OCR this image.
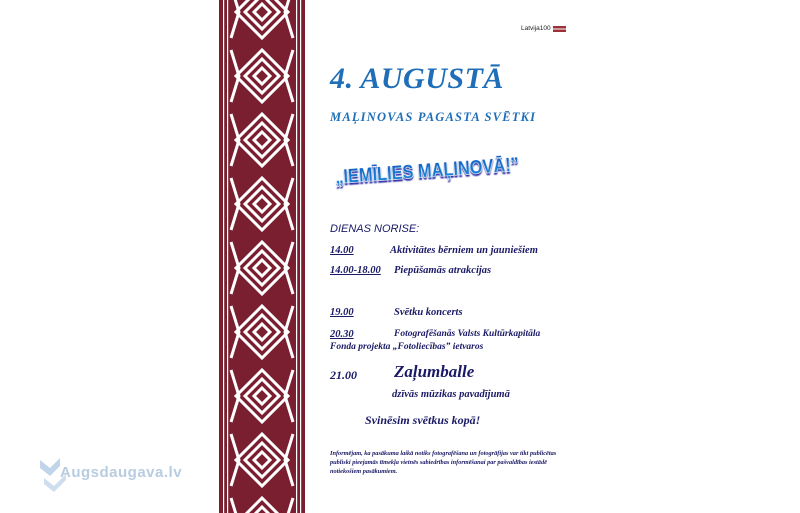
Latvija100
4. AUGUSTĀ
MAĻINOVAS PAGASTA SVĒTKI
„IEMĪLIES MAĻINOVĀ!”
DIENAS NORISE:
14.00	Aktivitātes bērniem un jauniešiem
14.00-18.00 Piepūšamās atrakcijas
19.00	Svētku koncerts
20.30	Fotografēšanās Valsts Kultūrkapitāla
Fonda projekta „Fotoliecības” ietvaros
21.00 Zaļumballe
dzīvās mūzikas pavadījumā
Svinēsim svētkus kopā!
Informējam, ka pasākuma laikā notiks fotografēšana un fotogrāfijas var tikt publicētas publiski pieejamās tīmekļa vietnēs sabiedrības informēšanai par pašvaldības iestādē notiekošiem pasākumiem.
Augsdaugava.lv
